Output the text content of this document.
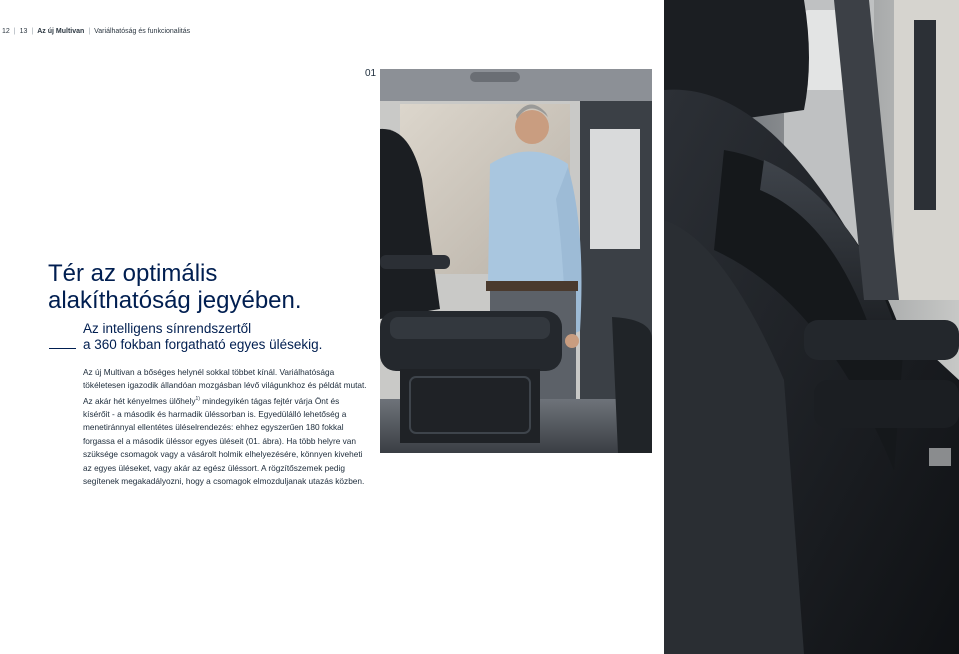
12 | 13 | Az új Multivan | Variálhatóság és funkcionalitás
01
Tér az optimális
alakíthatóság jegyében.
Az intelligens sínrendszertől
a 360 fokban forgatható egyes ülésekig.
Az új Multivan a bőséges helynél sokkal többet kínál. Variálhatósága tökéletesen igazodik állandóan mozgásban lévő világunkhoz és példát mutat. Az akár hét kényelmes ülőhely$^{1)}$ mindegyikén tágas fejtér várja Önt és kísérőit - a második és harmadik üléssorban is. Egyedülálló lehetőség a menetiránnyal ellentétes üléselrendezés: ehhez egyszerűen 180 fokkal forgassa el a második üléssor egyes üléseit (01. ábra). Ha több helyre van szüksége csomagok vagy a vásárolt holmik elhelyezésére, könnyen kiveheti az egyes üléseket, vagy akár az egész üléssort. A rögzítőszemek pedig segítenek megakadályozni, hogy a csomagok elmozduljanak utazás közben.
